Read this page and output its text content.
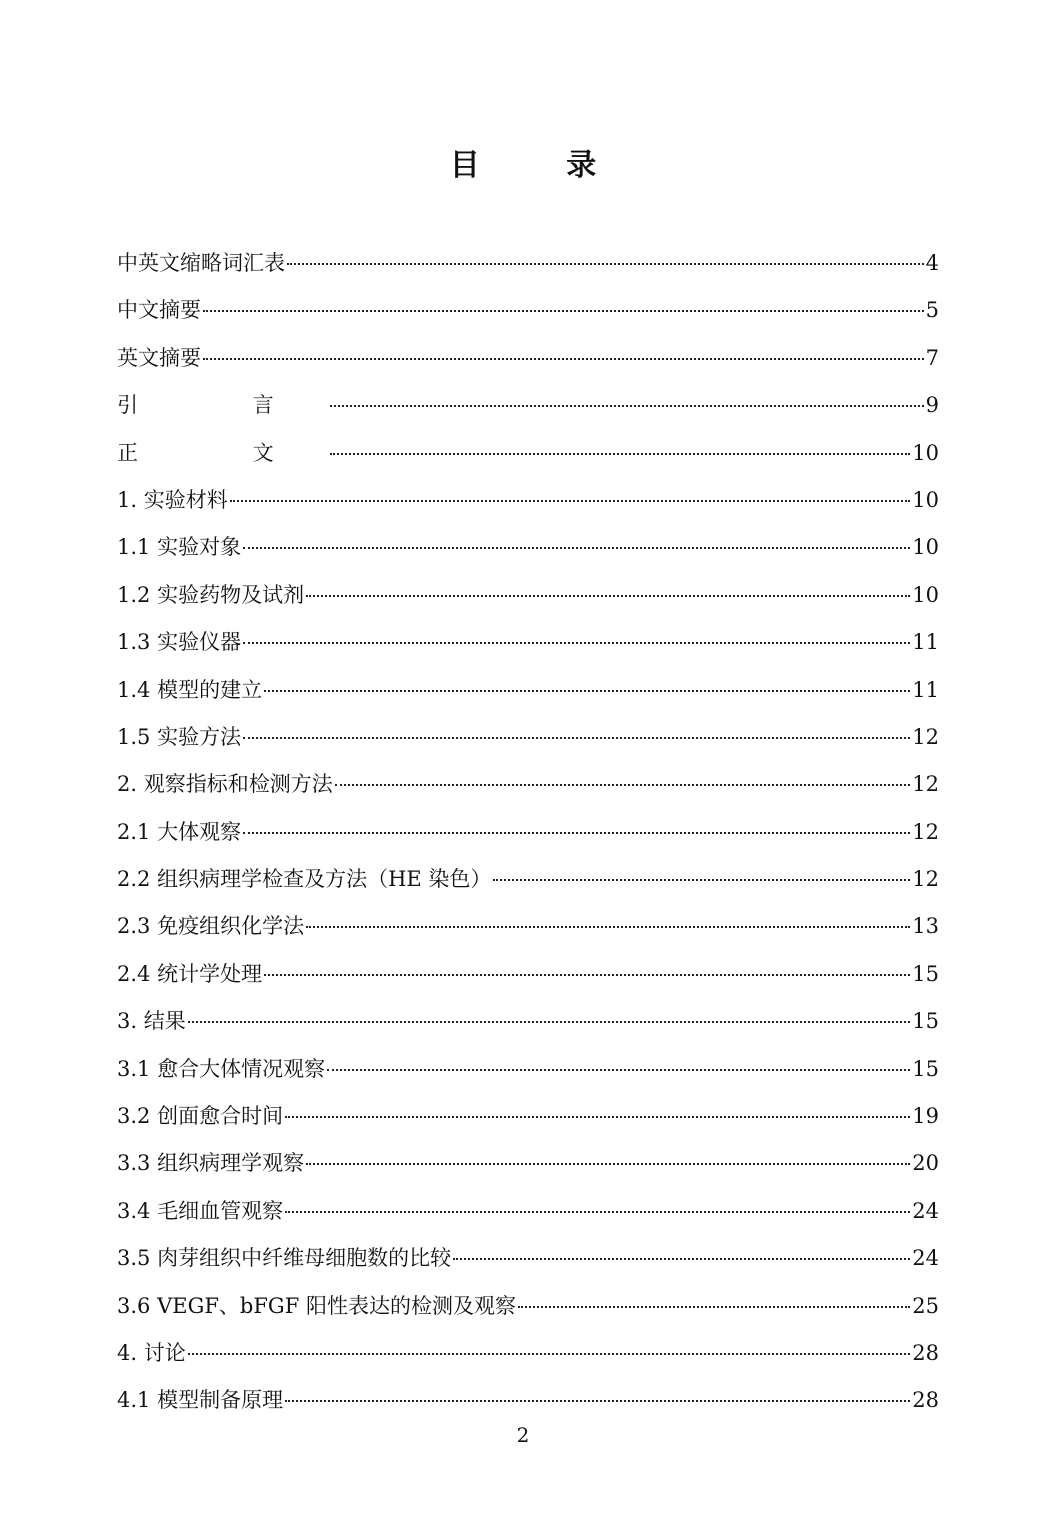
目 录
中英文缩略词汇表	4
中文摘要	5
英文摘要	7
引 言	9
正 文	10
1. 实验材料	10
1.1 实验对象	10
1.2 实验药物及试剂	10
1.3 实验仪器	11
1.4 模型的建立	11
1.5 实验方法	12
2. 观察指标和检测方法	12
2.1 大体观察	12
2.2 组织病理学检查及方法（HE 染色）	12
2.3 免疫组织化学法	13
2.4 统计学处理	15
3. 结果	15
3.1 愈合大体情况观察	15
3.2 创面愈合时间	19
3.3 组织病理学观察	20
3.4 毛细血管观察	24
3.5 肉芽组织中纤维母细胞数的比较	24
3.6 VEGF、bFGF 阳性表达的检测及观察	25
4. 讨论	28
4.1 模型制备原理	28
2
